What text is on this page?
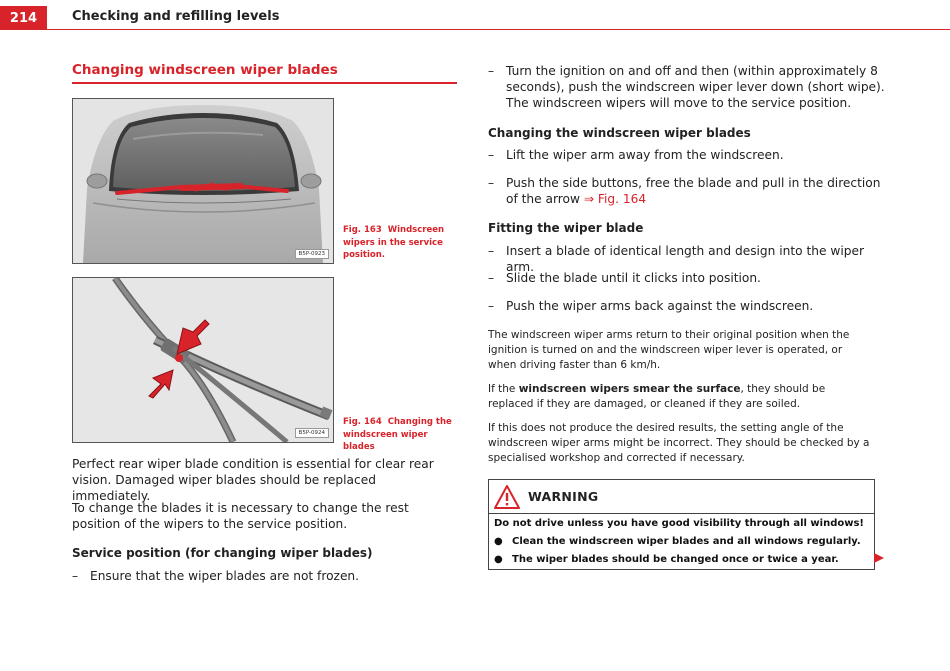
214	Checking and refilling levels
Changing windscreen wiper blades
B5P-0923
Fig. 163 Windscreen wipers in the service position.
B5P-0924
Fig. 164 Changing the windscreen wiper blades
Perfect rear wiper blade condition is essential for clear rear vision. Damaged wiper blades should be replaced immediately.
To change the blades it is necessary to change the rest position of the wipers to the service position.
Service position (for changing wiper blades)
– Ensure that the wiper blades are not frozen.
– Turn the ignition on and off and then (within approximately 8 seconds), push the windscreen wiper lever down (short wipe). The windscreen wipers will move to the service position.
Changing the windscreen wiper blades
– Lift the wiper arm away from the windscreen.
– Push the side buttons, free the blade and pull in the direction of the arrow ⇒ Fig. 164
Fitting the wiper blade
– Insert a blade of identical length and design into the wiper arm.
– Slide the blade until it clicks into position.
– Push the wiper arms back against the windscreen.
The windscreen wiper arms return to their original position when the ignition is turned on and the windscreen wiper lever is operated, or when driving faster than 6 km/h.
If the windscreen wipers smear the surface, they should be replaced if they are damaged, or cleaned if they are soiled.
If this does not produce the desired results, the setting angle of the windscreen wiper arms might be incorrect. They should be checked by a specialised workshop and corrected if necessary.
WARNING
Do not drive unless you have good visibility through all windows!
● Clean the windscreen wiper blades and all windows regularly.
● The wiper blades should be changed once or twice a year.
